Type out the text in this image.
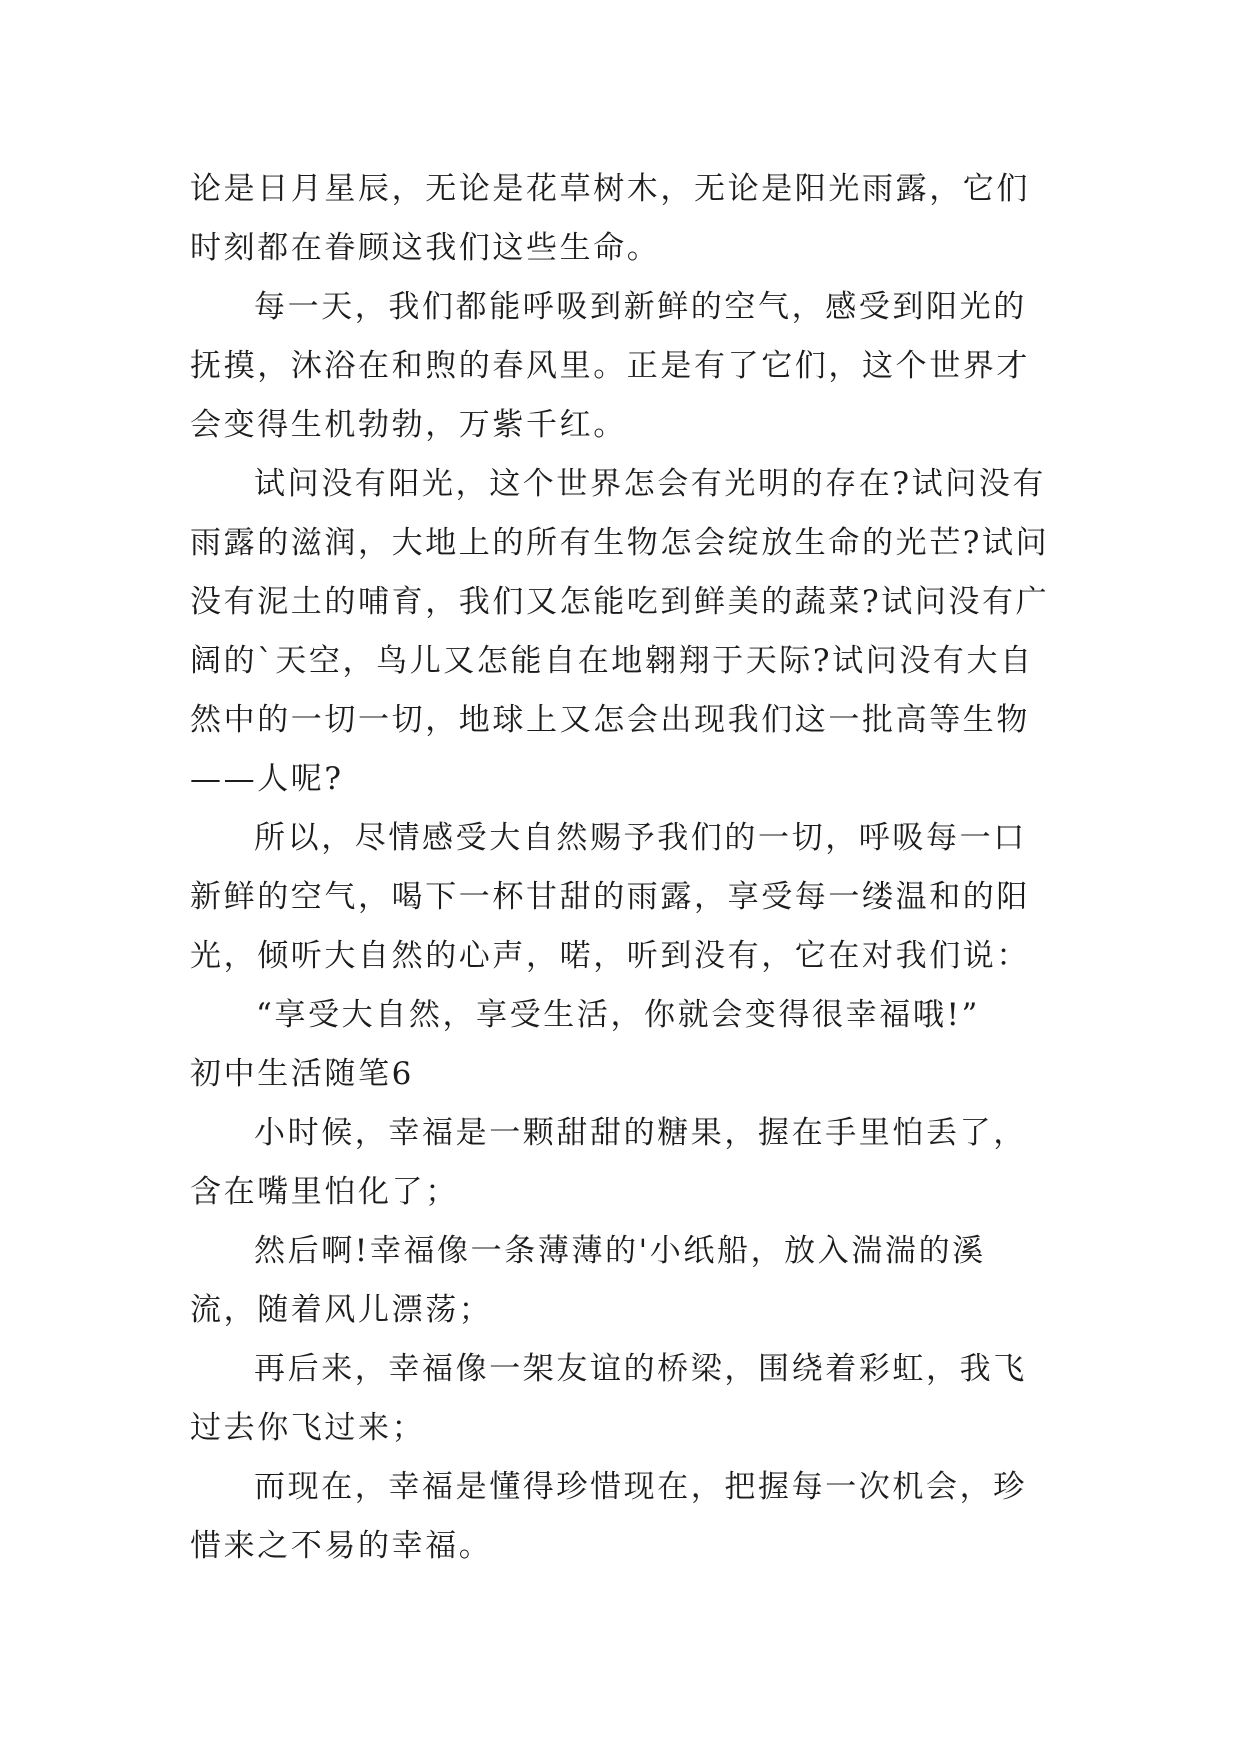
论是日月星辰，无论是花草树木，无论是阳光雨露，它们时刻都在眷顾这我们这些生命。

每一天，我们都能呼吸到新鲜的空气，感受到阳光的抚摸，沐浴在和煦的春风里。正是有了它们，这个世界才会变得生机勃勃，万紫千红。

试问没有阳光，这个世界怎会有光明的存在?试问没有雨露的滋润，大地上的所有生物怎会绽放生命的光芒?试问没有泥土的哺育，我们又怎能吃到鲜美的蔬菜?试问没有广阔的`天空，鸟儿又怎能自在地翱翔于天际?试问没有大自然中的一切一切，地球上又怎会出现我们这一批高等生物——人呢?

所以，尽情感受大自然赐予我们的一切，呼吸每一口新鲜的空气，喝下一杯甘甜的雨露，享受每一缕温和的阳光，倾听大自然的心声，喏，听到没有，它在对我们说：

“享受大自然，享受生活，你就会变得很幸福哦!”

初中生活随笔6

小时候，幸福是一颗甜甜的糖果，握在手里怕丢了，含在嘴里怕化了；

然后啊!幸福像一条薄薄的'小纸船，放入湍湍的溪流，随着风儿漂荡；

再后来，幸福像一架友谊的桥梁，围绕着彩虹，我飞过去你飞过来；

而现在，幸福是懂得珍惜现在，把握每一次机会，珍惜来之不易的幸福。
